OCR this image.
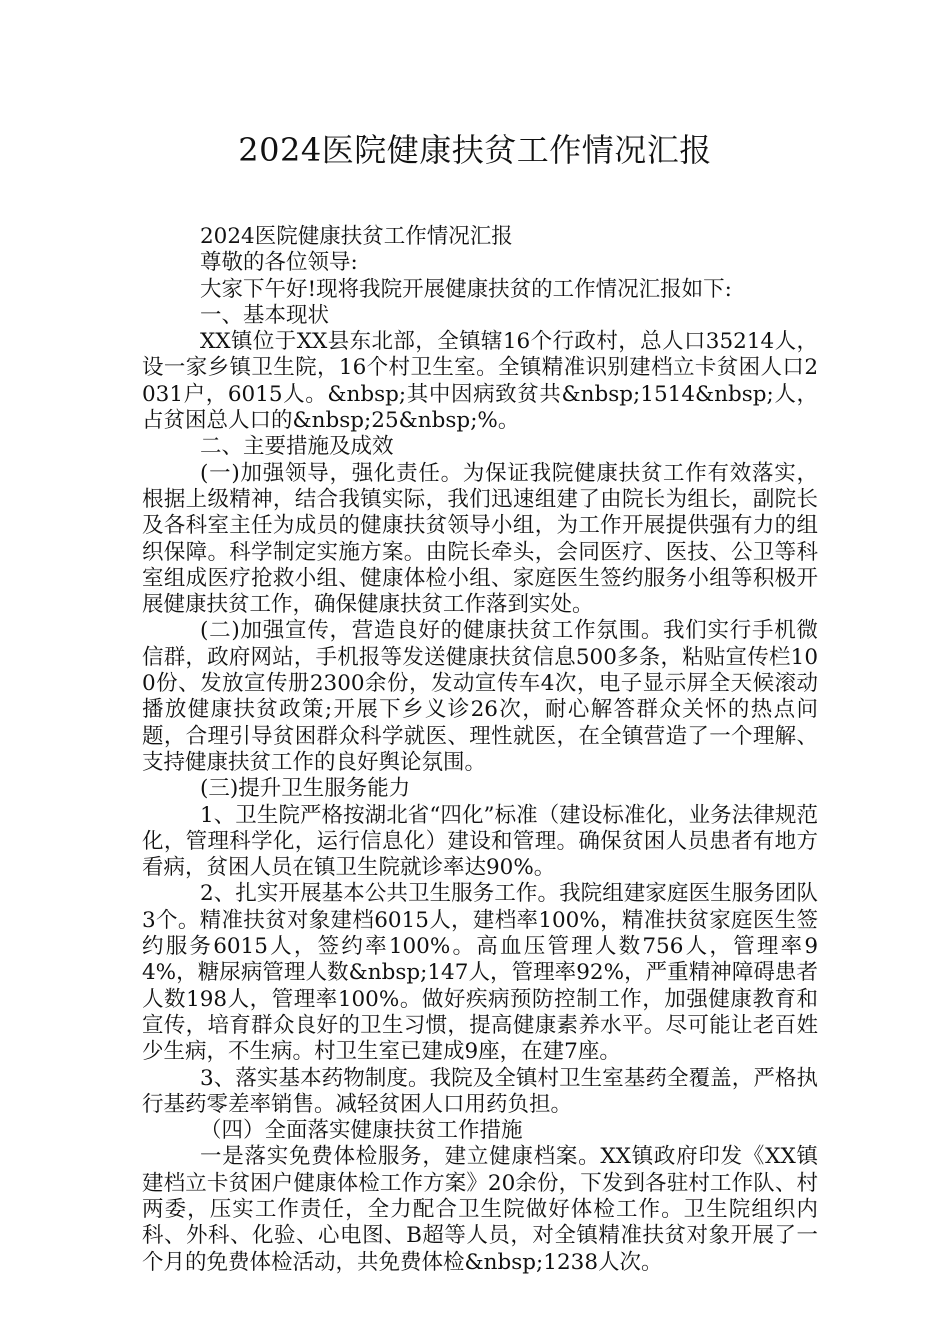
2024医院健康扶贫工作情况汇报

2024医院健康扶贫工作情况汇报

尊敬的各位领导:

大家下午好!现将我院开展健康扶贫的工作情况汇报如下:

一、基本现状

XX镇位于XX县东北部，全镇辖16个行政村，总人口35214人，设一家乡镇卫生院，16个村卫生室。全镇精准识别建档立卡贫困人口2031户，6015人。&nbsp;其中因病致贫共&nbsp;1514&nbsp;人，占贫困总人口的&nbsp;25&nbsp;%。

二、主要措施及成效

(一)加强领导，强化责任。为保证我院健康扶贫工作有效落实，根据上级精神，结合我镇实际，我们迅速组建了由院长为组长，副院长及各科室主任为成员的健康扶贫领导小组，为工作开展提供强有力的组织保障。科学制定实施方案。由院长牵头，会同医疗、医技、公卫等科室组成医疗抢救小组、健康体检小组、家庭医生签约服务小组等积极开展健康扶贫工作，确保健康扶贫工作落到实处。

(二)加强宣传，营造良好的健康扶贫工作氛围。我们实行手机微信群，政府网站，手机报等发送健康扶贫信息500多条，粘贴宣传栏100份、发放宣传册2300余份，发动宣传车4次，电子显示屏全天候滚动播放健康扶贫政策;开展下乡义诊26次，耐心解答群众关怀的热点问题，合理引导贫困群众科学就医、理性就医，在全镇营造了一个理解、支持健康扶贫工作的良好舆论氛围。

(三)提升卫生服务能力

1、卫生院严格按湖北省“四化”标准（建设标准化，业务法律规范化，管理科学化，运行信息化）建设和管理。确保贫困人员患者有地方看病，贫困人员在镇卫生院就诊率达90%。

2、扎实开展基本公共卫生服务工作。我院组建家庭医生服务团队3个。精准扶贫对象建档6015人，建档率100%，精准扶贫家庭医生签约服务6015人，签约率100%。高血压管理人数756人，管理率94%，糖尿病管理人数&nbsp;147人，管理率92%，严重精神障碍患者人数198人，管理率100%。做好疾病预防控制工作，加强健康教育和宣传，培育群众良好的卫生习惯，提高健康素养水平。尽可能让老百姓少生病，不生病。村卫生室已建成9座，在建7座。

3、落实基本药物制度。我院及全镇村卫生室基药全覆盖，严格执行基药零差率销售。减轻贫困人口用药负担。

（四）全面落实健康扶贫工作措施

一是落实免费体检服务，建立健康档案。XX镇政府印发《XX镇建档立卡贫困户健康体检工作方案》20余份，下发到各驻村工作队、村两委，压实工作责任，全力配合卫生院做好体检工作。卫生院组织内科、外科、化验、心电图、B超等人员，对全镇精准扶贫对象开展了一个月的免费体检活动，共免费体检&nbsp;1238人次。
